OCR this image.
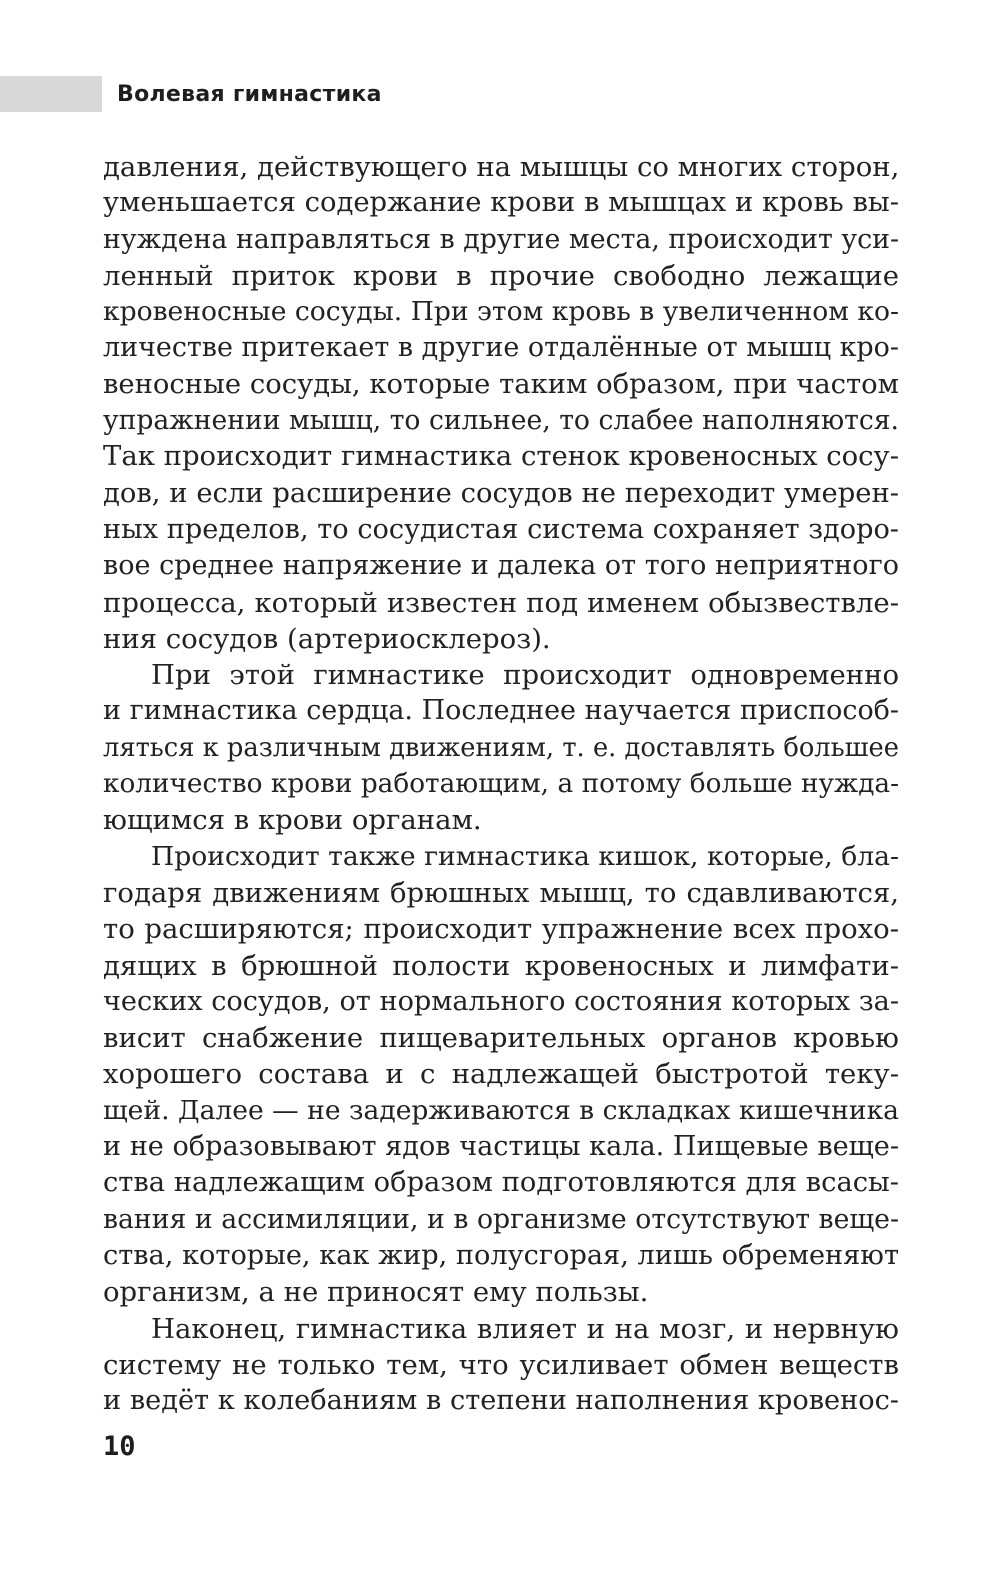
Волевая гимнастика
давления, действующего на мышцы со многих сторон,
уменьшается содержание крови в мышцах и кровь вы-
нуждена направляться в другие места, происходит уси-
ленный приток крови в прочие свободно лежащие
кровеносные сосуды. При этом кровь в увеличенном ко-
личестве притекает в другие отдалённые от мышц кро-
веносные сосуды, которые таким образом, при частом
упражнении мышц, то сильнее, то слабее наполняются.
Так происходит гимнастика стенок кровеносных сосу-
дов, и если расширение сосудов не переходит умерен-
ных пределов, то сосудистая система сохраняет здоро-
вое среднее напряжение и далека от того неприятного
процесса, который известен под именем обызвествле-
ния сосудов (артериосклероз).
При этой гимнастике происходит одновременно
и гимнастика сердца. Последнее научается приспособ-
ляться к различным движениям, т. е. доставлять большее
количество крови работающим, а потому больше нужда-
ющимся в крови органам.
Происходит также гимнастика кишок, которые, бла-
годаря движениям брюшных мышц, то сдавливаются,
то расширяются; происходит упражнение всех прохо-
дящих в брюшной полости кровеносных и лимфати-
ческих сосудов, от нормального состояния которых за-
висит снабжение пищеварительных органов кровью
хорошего состава и с надлежащей быстротой теку-
щей. Далее — не задерживаются в складках кишечника
и не образовывают ядов частицы кала. Пищевые веще-
ства надлежащим образом подготовляются для всасы-
вания и ассимиляции, и в организме отсутствуют веще-
ства, которые, как жир, полусгорая, лишь обременяют
организм, а не приносят ему пользы.
Наконец, гимнастика влияет и на мозг, и нервную
систему не только тем, что усиливает обмен веществ
и ведёт к колебаниям в степени наполнения кровенос-
10
